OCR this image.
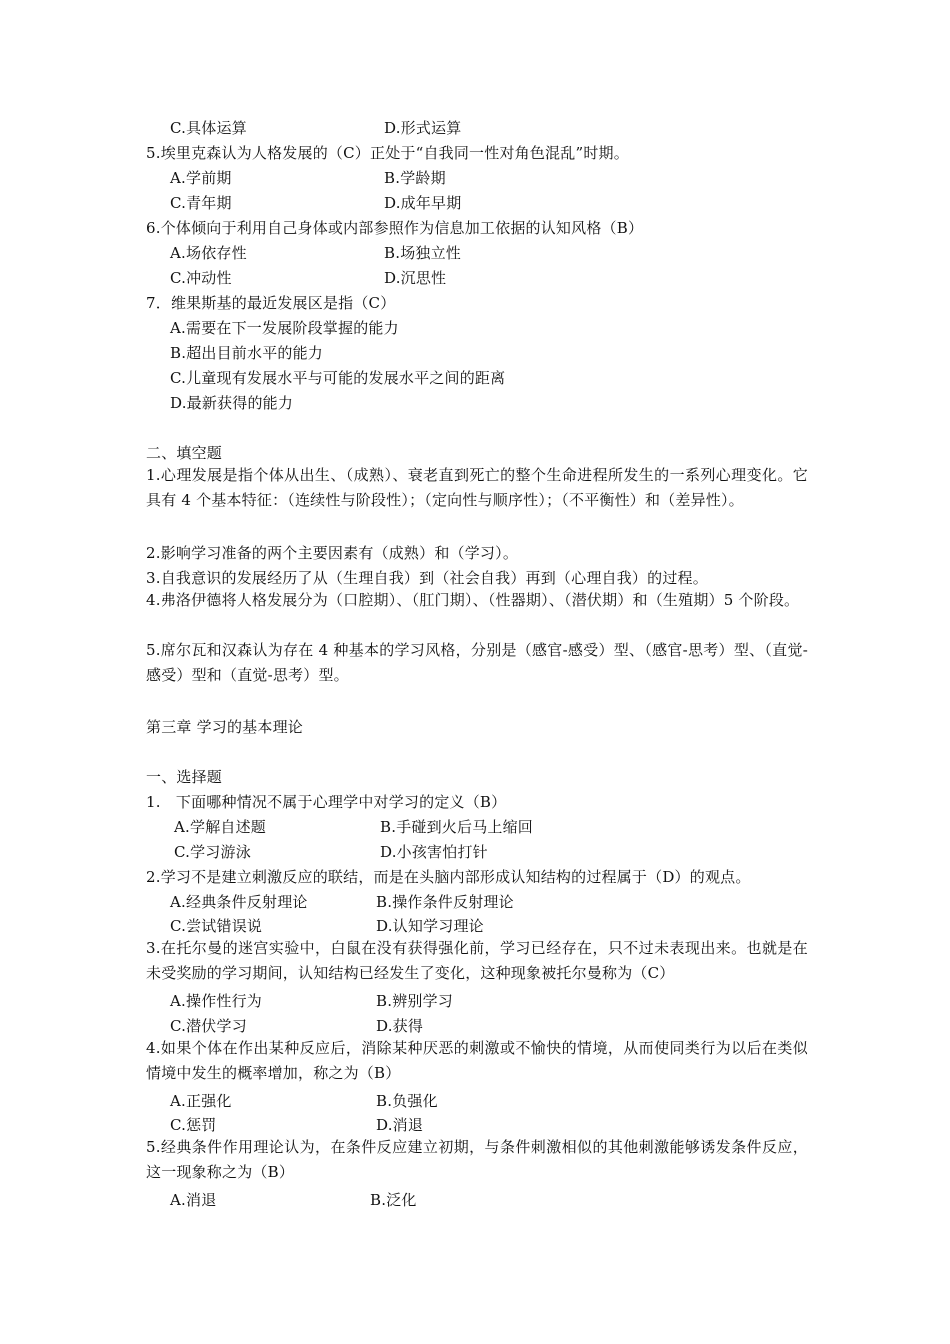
C.具体运算	D.形式运算
5.埃里克森认为人格发展的（C）正处于“自我同一性对角色混乱”时期。
A.学前期	B.学龄期
C.青年期	D.成年早期
6.个体倾向于利用自己身体或内部参照作为信息加工依据的认知风格（B）
A.场依存性	B.场独立性
C.冲动性	D.沉思性
7．维果斯基的最近发展区是指（C）
A.需要在下一发展阶段掌握的能力
B.超出目前水平的能力
C.儿童现有发展水平与可能的发展水平之间的距离
D.最新获得的能力
二、填空题
2.影响学习准备的两个主要因素有（成熟）和（学习）。
3.自我意识的发展经历了从（生理自我）到（社会自我）再到（心理自我）的过程。
第三章 学习的基本理论
一、选择题
1.　下面哪种情况不属于心理学中对学习的定义（B）
A.学解自述题	B.手碰到火后马上缩回
C.学习游泳	D.小孩害怕打针
2.学习不是建立刺激反应的联结，而是在头脑内部形成认知结构的过程属于（D）的观点。
A.经典条件反射理论	B.操作条件反射理论
C.尝试错误说	D.认知学习理论
A.操作性行为	B.辨别学习
C.潜伏学习	D.获得
A.正强化	B.负强化
C.惩罚	D.消退
A.消退	B.泛化
1.心理发展是指个体从出生、（成熟）、衰老直到死亡的整个生命进程所发生的一系列心理变化。它具有 4 个基本特征：（连续性与阶段性）；（定向性与顺序性）；（不平衡性）和（差异性）。
4.弗洛伊德将人格发展分为（口腔期）、（肛门期）、（性器期）、（潜伏期）和（生殖期）5 个阶段。
5.席尔瓦和汉森认为存在 4 种基本的学习风格，分别是（感官-感受）型、（感官-思考）型、（直觉-感受）型和（直觉-思考）型。
3.在托尔曼的迷宫实验中，白鼠在没有获得强化前，学习已经存在，只不过未表现出来。也就是在未受奖励的学习期间，认知结构已经发生了变化，这种现象被托尔曼称为（C）
4.如果个体在作出某种反应后，消除某种厌恶的刺激或不愉快的情境，从而使同类行为以后在类似情境中发生的概率增加，称之为（B）
5.经典条件作用理论认为，在条件反应建立初期，与条件刺激相似的其他刺激能够诱发条件反应，这一现象称之为（B）
